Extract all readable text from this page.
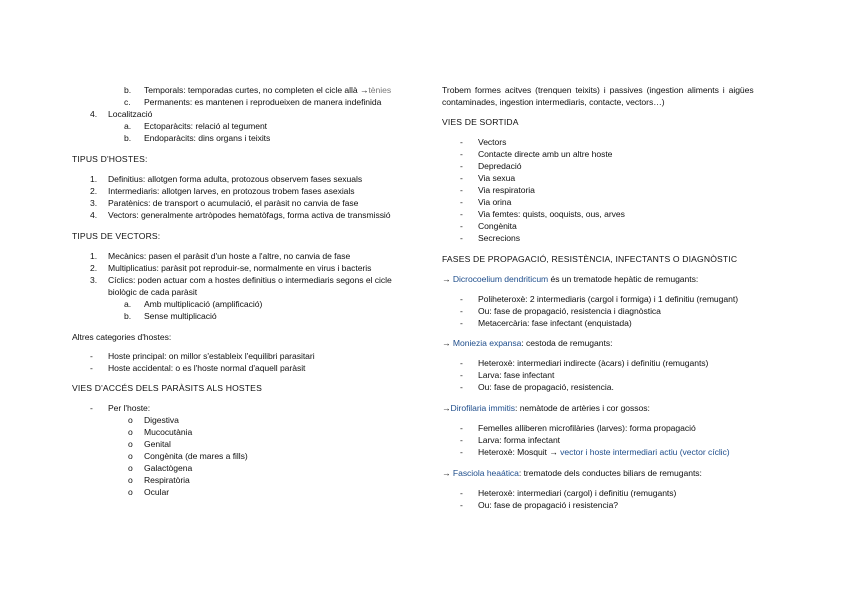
b. Temporals: temporadas curtes, no completen el cicle allà →tènies
c. Permanents: es mantenen i reprodueixen de manera indefinida
4. Localització
a. Ectoparàcits: relació al tegument
b. Endoparàcits: dins organs i teixits
TIPUS D'HOSTES:
1. Definitius: allotgen forma adulta, protozous observem fases sexuals
2. Intermediaris: allotgen larves, en protozous trobem fases asexials
3. Paratènics: de transport o acumulació, el paràsit no canvia de fase
4. Vectors: generalmente artròpodes hematòfags, forma activa de transmissió
TIPUS DE VECTORS:
1. Mecànics: pasen el paràsit d'un hoste a l'altre, no canvia de fase
2. Multiplicatius: paràsit pot reproduir-se, normalmente en virus i bacteris
3. Cíclics: poden actuar com a hostes definitius o intermediaris segons el cicle
biològic de cada paràsit
a. Amb multiplicació (amplificació)
b. Sense multiplicació
Altres categories d'hostes:
- Hoste principal: on millor s'estableix l'equilibri parasitari
- Hoste accidental: o es l'hoste normal d'aquell paràsit
VIES D'ACCÉS DELS PARÀSITS ALS HOSTES
- Per l'hoste:
o Digestiva
o Mucocutània
o Genital
o Congènita (de mares a fills)
o Galactògena
o Respiratòria
o Ocular
Trobem formes acitves (trenquen teixits) i passives (ingestion aliments i aigües
contaminades, ingestion intermediaris, contacte, vectors…)
VIES DE SORTIDA
- Vectors
- Contacte directe amb un altre hoste
- Depredació
- Via sexua
- Via respiratoria
- Via orina
- Via femtes: quists, ooquists, ous, arves
- Congènita
- Secrecions
FASES DE PROPAGACIÓ, RESISTÈNCIA, INFECTANTS O DIAGNÒSTIC
→ Dicrocoelium dendriticum és un trematode hepàtic de remugants:
- Poliheteroxè: 2 intermediaris (cargol i formiga) i 1 definitiu (remugant)
- Ou: fase de propagació, resistencia i diagnòstica
- Metacercària: fase infectant (enquistada)
→ Moniezia expansa: cestoda de remugants:
- Heteroxè: intermediari indirecte (àcars) i definitiu (remugants)
- Larva: fase infectant
- Ou: fase de propagació, resistencia.
→Dirofilaria immitis: nemàtode de artèries i cor gossos:
- Femelles alliberen microfilàries (larves): forma propagació
- Larva: forma infectant
- Heteroxè: Mosquit → vector i hoste intermediari actiu (vector cíclic)
→ Fasciola heaática: trematode dels conductes biliars de remugants:
- Heteroxè: intermediari (cargol) i definitiu (remugants)
- Ou: fase de propagació i resistencia?
